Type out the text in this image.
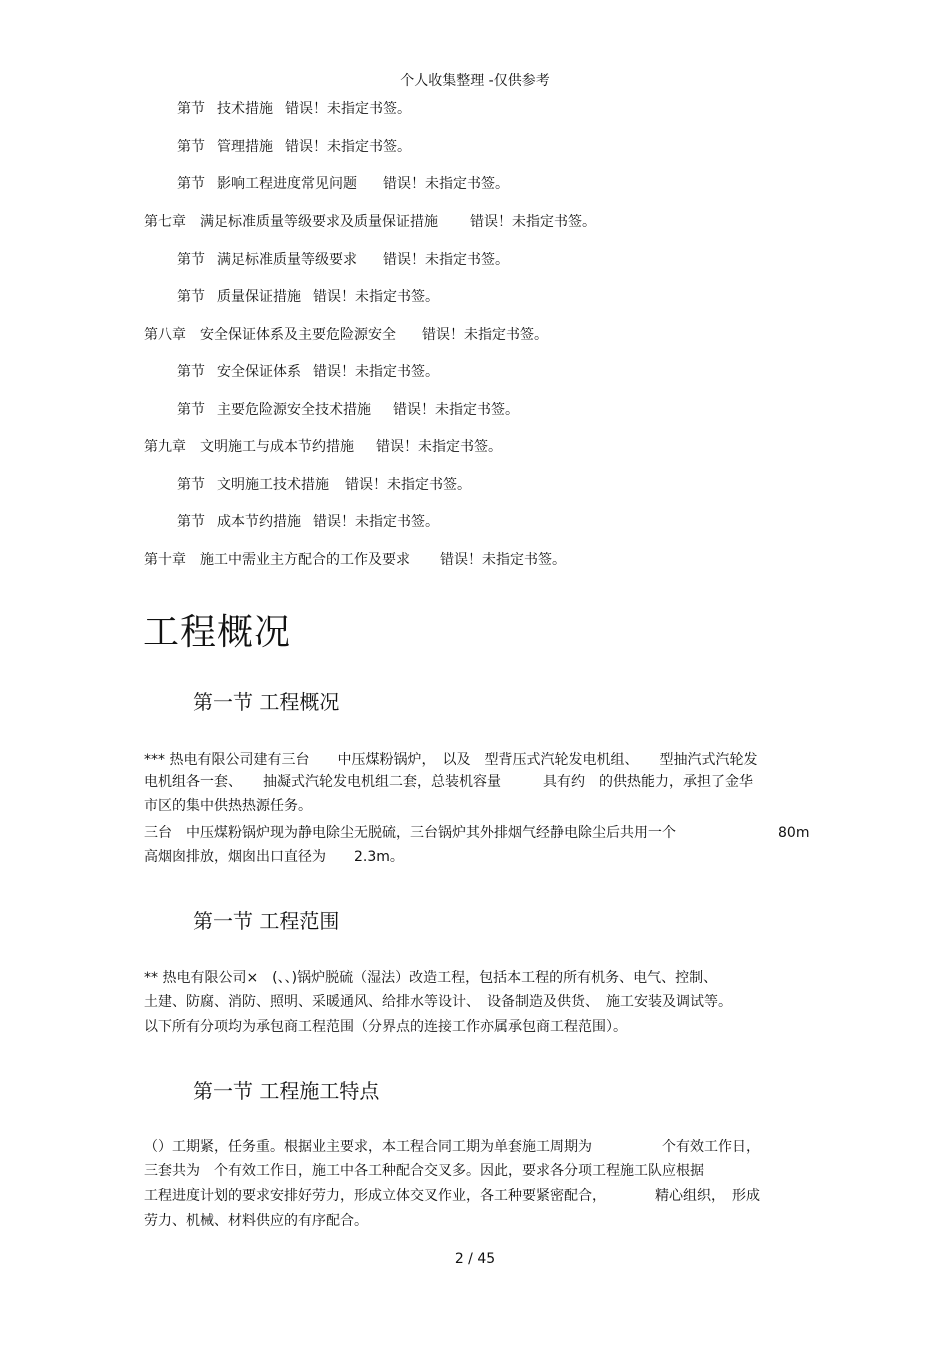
个人收集整理 -仅供参考
第节 技术措施 错误！未指定书签。
第节 管理措施 错误！未指定书签。
第节 影响工程进度常见问题 错误！未指定书签。
第七章 满足标准质量等级要求及质量保证措施 错误！未指定书签。
第节 满足标准质量等级要求 错误！未指定书签。
第节 质量保证措施 错误！未指定书签。
第八章 安全保证体系及主要危险源安全 错误！未指定书签。
第节 安全保证体系 错误！未指定书签。
第节 主要危险源安全技术措施 错误！未指定书签。
第九章 文明施工与成本节约措施 错误！未指定书签。
第节 文明施工技术措施 错误！未指定书签。
第节 成本节约措施 错误！未指定书签。
第十章 施工中需业主方配合的工作及要求 错误！未指定书签。
工程概况
第一节 工程概况
*** 热电有限公司建有三台　　中压煤粉锅炉，　以及　型背压式汽轮发电机组、　　型抽汽式汽轮发
电机组各一套、　　抽凝式汽轮发电机组二套，总装机容量　　　具有约　的供热能力，承担了金华
市区的集中供热热源任务。
三台　中压煤粉锅炉现为静电除尘无脱硫，三台锅炉其外排烟气经静电除尘后共用一个	80m
高烟囱排放，烟囱出口直径为　　2.3m。
第一节 工程范围
** 热电有限公司×　(、、)锅炉脱硫（湿法）改造工程，包括本工程的所有机务、电气、控制、
土建、防腐、消防、照明、采暖通风、给排水等设计、　设备制造及供货、　施工安装及调试等。
以下所有分项均为承包商工程范围（分界点的连接工作亦属承包商工程范围）。
第一节 工程施工特点
（）工期紧，任务重。根据业主要求，本工程合同工期为单套施工周期为　　　　　个有效工作日，
三套共为　个有效工作日，施工中各工种配合交叉多。因此，要求各分项工程施工队应根据
工程进度计划的要求安排好劳力，形成立体交叉作业，各工种要紧密配合，　　　　精心组织，　形成
劳力、机械、材料供应的有序配合。
2 / 45
